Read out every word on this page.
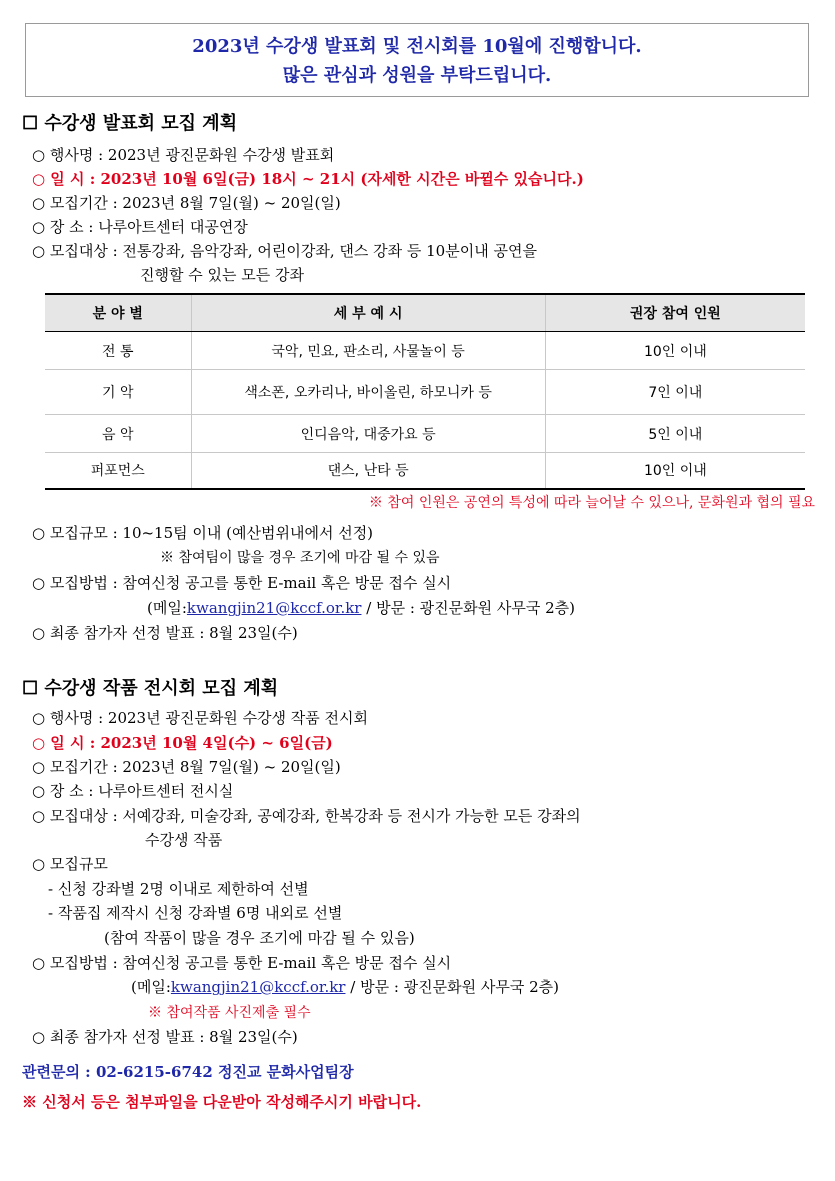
2023년 수강생 발표회 및 전시회를 10월에 진행합니다.
많은 관심과 성원을 부탁드립니다.
☐ 수강생 발표회 모집 계획
○ 행사명 : 2023년 광진문화원 수강생 발표회
○ 일 시 : 2023년 10월 6일(금) 18시 ~ 21시 (자세한 시간은 바뀔수 있습니다.)
○ 모집기간 : 2023년 8월 7일(월) ~ 20일(일)
○ 장 소 : 나루아트센터 대공연장
○ 모집대상 : 전통강좌, 음악강좌, 어린이강좌, 댄스 강좌 등 10분이내 공연을
진행할 수 있는 모든 강좌
분 야 별	세 부 예 시	권장 참여 인원
전 통	국악, 민요, 판소리, 사물놀이 등	10인 이내
기 악	색소폰, 오카리나, 바이올린, 하모니카 등	7인 이내
음 악	인디음악, 대중가요 등	5인 이내
퍼포먼스	댄스, 난타 등	10인 이내
※ 참여 인원은 공연의 특성에 따라 늘어날 수 있으나, 문화원과 협의 필요
○ 모집규모 : 10~15팀 이내 (예산범위내에서 선정)
※ 참여팀이 많을 경우 조기에 마감 될 수 있음
○ 모집방법 : 참여신청 공고를 통한 E-mail 혹은 방문 접수 실시
(메일:kwangjin21@kccf.or.kr / 방문 : 광진문화원 사무국 2층)
○ 최종 참가자 선정 발표 : 8월 23일(수)
☐ 수강생 작품 전시회 모집 계획
○ 행사명 : 2023년 광진문화원 수강생 작품 전시회
○ 일 시 : 2023년 10월 4일(수) ~ 6일(금)
○ 모집기간 : 2023년 8월 7일(월) ~ 20일(일)
○ 장 소 : 나루아트센터 전시실
○ 모집대상 : 서예강좌, 미술강좌, 공예강좌, 한복강좌 등 전시가 가능한 모든 강좌의
수강생 작품
○ 모집규모
- 신청 강좌별 2명 이내로 제한하여 선별
- 작품집 제작시 신청 강좌별 6명 내외로 선별
(참여 작품이 많을 경우 조기에 마감 될 수 있음)
○ 모집방법 : 참여신청 공고를 통한 E-mail 혹은 방문 접수 실시
(메일:kwangjin21@kccf.or.kr / 방문 : 광진문화원 사무국 2층)
※ 참여작품 사진제출 필수
○ 최종 참가자 선정 발표 : 8월 23일(수)
관련문의 : 02-6215-6742 정진교 문화사업팀장
※ 신청서 등은 첨부파일을 다운받아 작성해주시기 바랍니다.
